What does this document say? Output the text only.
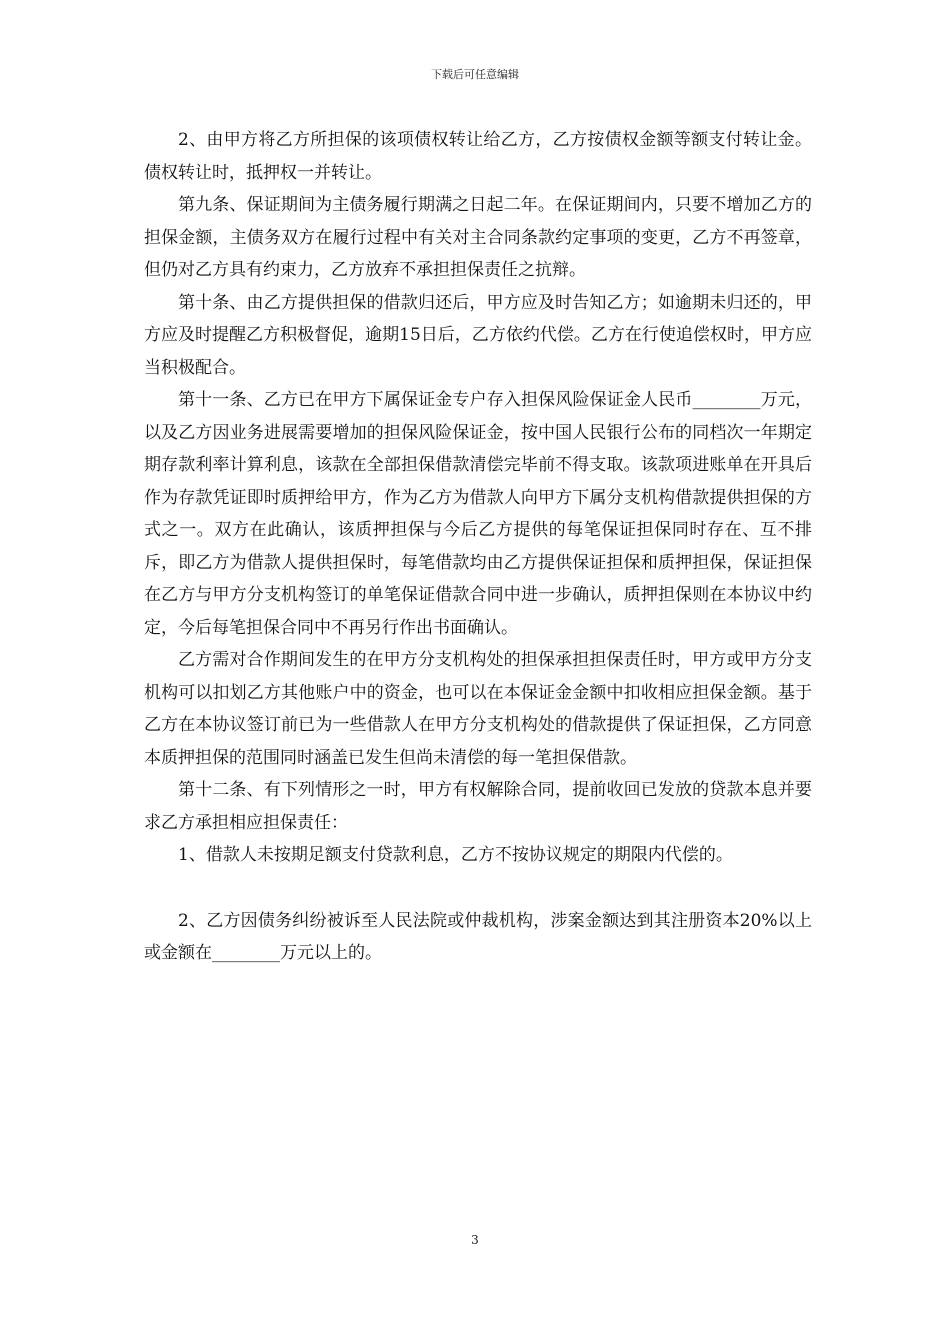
下载后可任意编辑

2、由甲方将乙方所担保的该项债权转让给乙方，乙方按债权金额等额支付转让金。债权转让时，抵押权一并转让。

第九条、保证期间为主债务履行期满之日起二年。在保证期间内，只要不增加乙方的担保金额，主债务双方在履行过程中有关对主合同条款约定事项的变更，乙方不再签章，但仍对乙方具有约束力，乙方放弃不承担担保责任之抗辩。

第十条、由乙方提供担保的借款归还后，甲方应及时告知乙方；如逾期未归还的，甲方应及时提醒乙方积极督促，逾期15日后，乙方依约代偿。乙方在行使追偿权时，甲方应当积极配合。

第十一条、乙方已在甲方下属保证金专户存入担保风险保证金人民币________万元，以及乙方因业务进展需要增加的担保风险保证金，按中国人民银行公布的同档次一年期定期存款利率计算利息，该款在全部担保借款清偿完毕前不得支取。该款项进账单在开具后作为存款凭证即时质押给甲方，作为乙方为借款人向甲方下属分支机构借款提供担保的方式之一。双方在此确认，该质押担保与今后乙方提供的每笔保证担保同时存在、互不排斥，即乙方为借款人提供担保时，每笔借款均由乙方提供保证担保和质押担保，保证担保在乙方与甲方分支机构签订的单笔保证借款合同中进一步确认，质押担保则在本协议中约定，今后每笔担保合同中不再另行作出书面确认。

乙方需对合作期间发生的在甲方分支机构处的担保承担担保责任时，甲方或甲方分支机构可以扣划乙方其他账户中的资金，也可以在本保证金金额中扣收相应担保金额。基于乙方在本协议签订前已为一些借款人在甲方分支机构处的借款提供了保证担保，乙方同意本质押担保的范围同时涵盖已发生但尚未清偿的每一笔担保借款。

第十二条、有下列情形之一时，甲方有权解除合同，提前收回已发放的贷款本息并要求乙方承担相应担保责任：

1、借款人未按期足额支付贷款利息，乙方不按协议规定的期限内代偿的。

2、乙方因债务纠纷被诉至人民法院或仲裁机构，涉案金额达到其注册资本20%以上或金额在________万元以上的。

3
